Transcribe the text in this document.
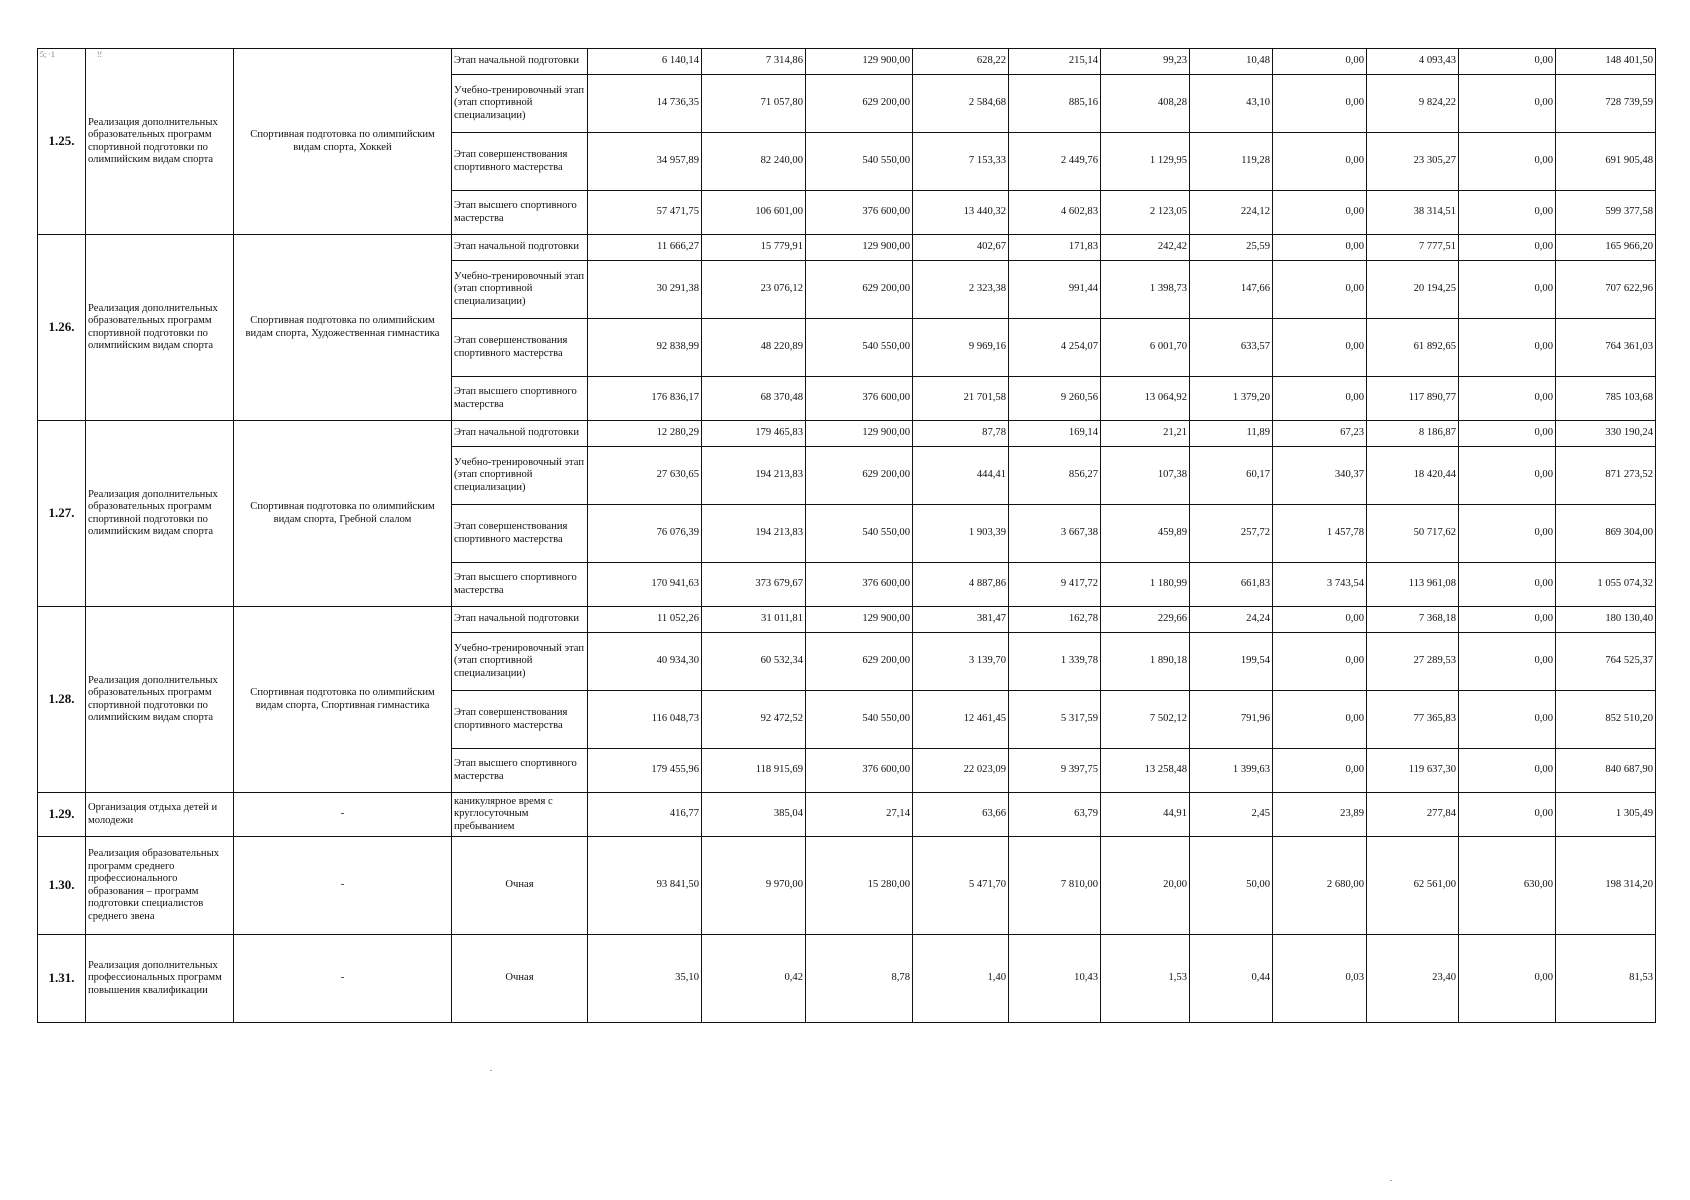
5; ·1	!!
1.25.	Реализация дополнительных образовательных программ спортивной подготовки по олимпийским видам спорта	Спортивная подготовка по олимпийским видам спорта, Хоккей	Этап начальной подготовки	6 140,14	7 314,86	129 900,00	628,22	215,14	99,23	10,48	0,00	4 093,43	0,00	148 401,50
			Учебно-тренировочный этап (этап спортивной специализации)	14 736,35	71 057,80	629 200,00	2 584,68	885,16	408,28	43,10	0,00	9 824,22	0,00	728 739,59
			Этап совершенствования спортивного мастерства	34 957,89	82 240,00	540 550,00	7 153,33	2 449,76	1 129,95	119,28	0,00	23 305,27	0,00	691 905,48
			Этап высшего спортивного мастерства	57 471,75	106 601,00	376 600,00	13 440,32	4 602,83	2 123,05	224,12	0,00	38 314,51	0,00	599 377,58
1.26.	Реализация дополнительных образовательных программ спортивной подготовки по олимпийским видам спорта	Спортивная подготовка по олимпийским видам спорта, Художественная гимнастика	Этап начальной подготовки	11 666,27	15 779,91	129 900,00	402,67	171,83	242,42	25,59	0,00	7 777,51	0,00	165 966,20
			Учебно-тренировочный этап (этап спортивной специализации)	30 291,38	23 076,12	629 200,00	2 323,38	991,44	1 398,73	147,66	0,00	20 194,25	0,00	707 622,96
			Этап совершенствования спортивного мастерства	92 838,99	48 220,89	540 550,00	9 969,16	4 254,07	6 001,70	633,57	0,00	61 892,65	0,00	764 361,03
			Этап высшего спортивного мастерства	176 836,17	68 370,48	376 600,00	21 701,58	9 260,56	13 064,92	1 379,20	0,00	117 890,77	0,00	785 103,68
1.27.	Реализация дополнительных образовательных программ спортивной подготовки по олимпийским видам спорта	Спортивная подготовка по олимпийским видам спорта, Гребной слалом	Этап начальной подготовки	12 280,29	179 465,83	129 900,00	87,78	169,14	21,21	11,89	67,23	8 186,87	0,00	330 190,24
			Учебно-тренировочный этап (этап спортивной специализации)	27 630,65	194 213,83	629 200,00	444,41	856,27	107,38	60,17	340,37	18 420,44	0,00	871 273,52
			Этап совершенствования спортивного мастерства	76 076,39	194 213,83	540 550,00	1 903,39	3 667,38	459,89	257,72	1 457,78	50 717,62	0,00	869 304,00
			Этап высшего спортивного мастерства	170 941,63	373 679,67	376 600,00	4 887,86	9 417,72	1 180,99	661,83	3 743,54	113 961,08	0,00	1 055 074,32
1.28.	Реализация дополнительных образовательных программ спортивной подготовки по олимпийским видам спорта	Спортивная подготовка по олимпийским видам спорта, Спортивная гимнастика	Этап начальной подготовки	11 052,26	31 011,81	129 900,00	381,47	162,78	229,66	24,24	0,00	7 368,18	0,00	180 130,40
			Учебно-тренировочный этап (этап спортивной специализации)	40 934,30	60 532,34	629 200,00	3 139,70	1 339,78	1 890,18	199,54	0,00	27 289,53	0,00	764 525,37
			Этап совершенствования спортивного мастерства	116 048,73	92 472,52	540 550,00	12 461,45	5 317,59	7 502,12	791,96	0,00	77 365,83	0,00	852 510,20
			Этап высшего спортивного мастерства	179 455,96	118 915,69	376 600,00	22 023,09	9 397,75	13 258,48	1 399,63	0,00	119 637,30	0,00	840 687,90
1.29.	Организация отдыха детей и молодежи	-	каникулярное время с круглосуточным пребыванием	416,77	385,04	27,14	63,66	63,79	44,91	2,45	23,89	277,84	0,00	1 305,49
1.30.	Реализация образовательных программ среднего профессионального образования – программ подготовки специалистов среднего звена	-	Очная	93 841,50	9 970,00	15 280,00	5 471,70	7 810,00	20,00	50,00	2 680,00	62 561,00	630,00	198 314,20
1.31.	Реализация дополнительных профессиональных программ повышения квалификации	-	Очная	35,10	0,42	8,78	1,40	10,43	1,53	0,44	0,03	23,40	0,00	81,53
